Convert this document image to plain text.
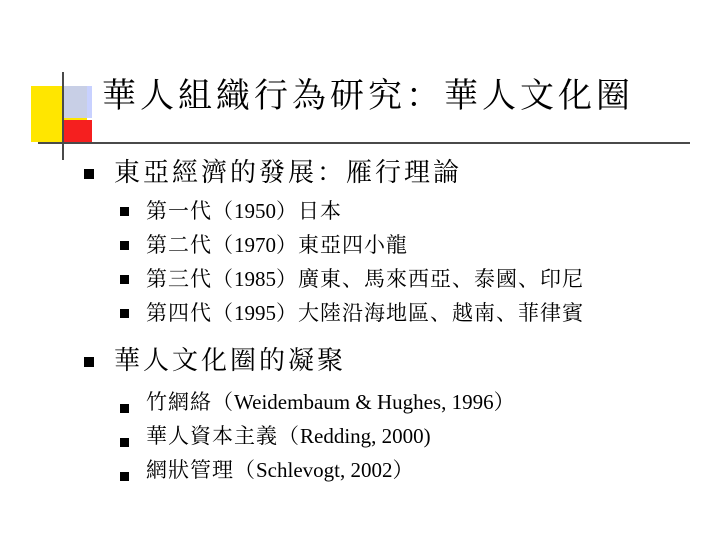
華人組織行為研究：華人文化圈
東亞經濟的發展：雁行理論
第一代（1950）日本
第二代（1970）東亞四小龍
第三代（1985）廣東、馬來西亞、泰國、印尼
第四代（1995）大陸沿海地區、越南、菲律賓
華人文化圈的凝聚
竹網絡（Weidembaum & Hughes, 1996）
華人資本主義（Redding, 2000)
網狀管理（Schlevogt, 2002）
